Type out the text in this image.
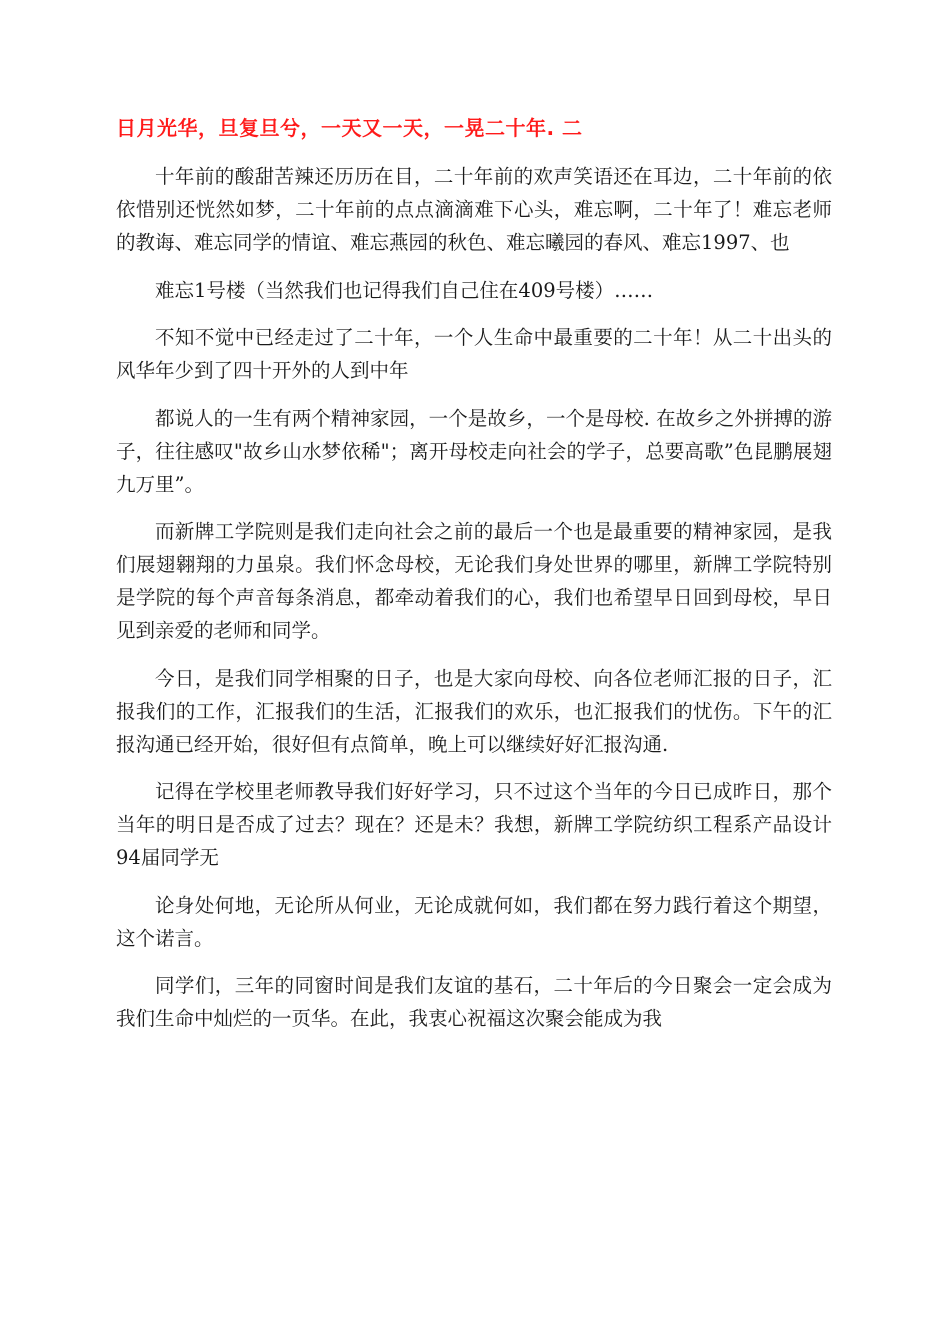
日月光华，旦复旦兮，一天又一天，一晃二十年. 二

十年前的酸甜苦辣还历历在目，二十年前的欢声笑语还在耳边，二十年前的依依惜别还恍然如梦，二十年前的点点滴滴难下心头，难忘啊，二十年了！难忘老师的教诲、难忘同学的情谊、难忘燕园的秋色、难忘曦园的春风、难忘1997、也

难忘1号楼（当然我们也记得我们自己住在409号楼）……

不知不觉中已经走过了二十年，一个人生命中最重要的二十年！从二十出头的风华年少到了四十开外的人到中年

都说人的一生有两个精神家园，一个是故乡，一个是母校. 在故乡之外拼搏的游子，往往感叹"故乡山水梦依稀"；离开母校走向社会的学子，总要高歌”色昆鹏展翅九万里”。

而新牌工学院则是我们走向社会之前的最后一个也是最重要的精神家园，是我们展翅翱翔的力虽泉。我们怀念母校，无论我们身处世界的哪里，新牌工学院特别是学院的每个声音每条消息，都牵动着我们的心，我们也希望早日回到母校，早日见到亲爱的老师和同学。

今日，是我们同学相聚的日子，也是大家向母校、向各位老师汇报的日子，汇报我们的工作，汇报我们的生活，汇报我们的欢乐，也汇报我们的忧伤。下午的汇报沟通已经开始，很好但有点简单，晚上可以继续好好汇报沟通.

记得在学校里老师教导我们好好学习，只不过这个当年的今日已成昨日，那个当年的明日是否成了过去？现在？还是未？我想，新牌工学院纺织工程系产品设计94届同学无

论身处何地，无论所从何业，无论成就何如，我们都在努力践行着这个期望，这个诺言。

同学们，三年的同窗时间是我们友谊的基石，二十年后的今日聚会一定会成为我们生命中灿烂的一页华。在此，我衷心祝福这次聚会能成为我
